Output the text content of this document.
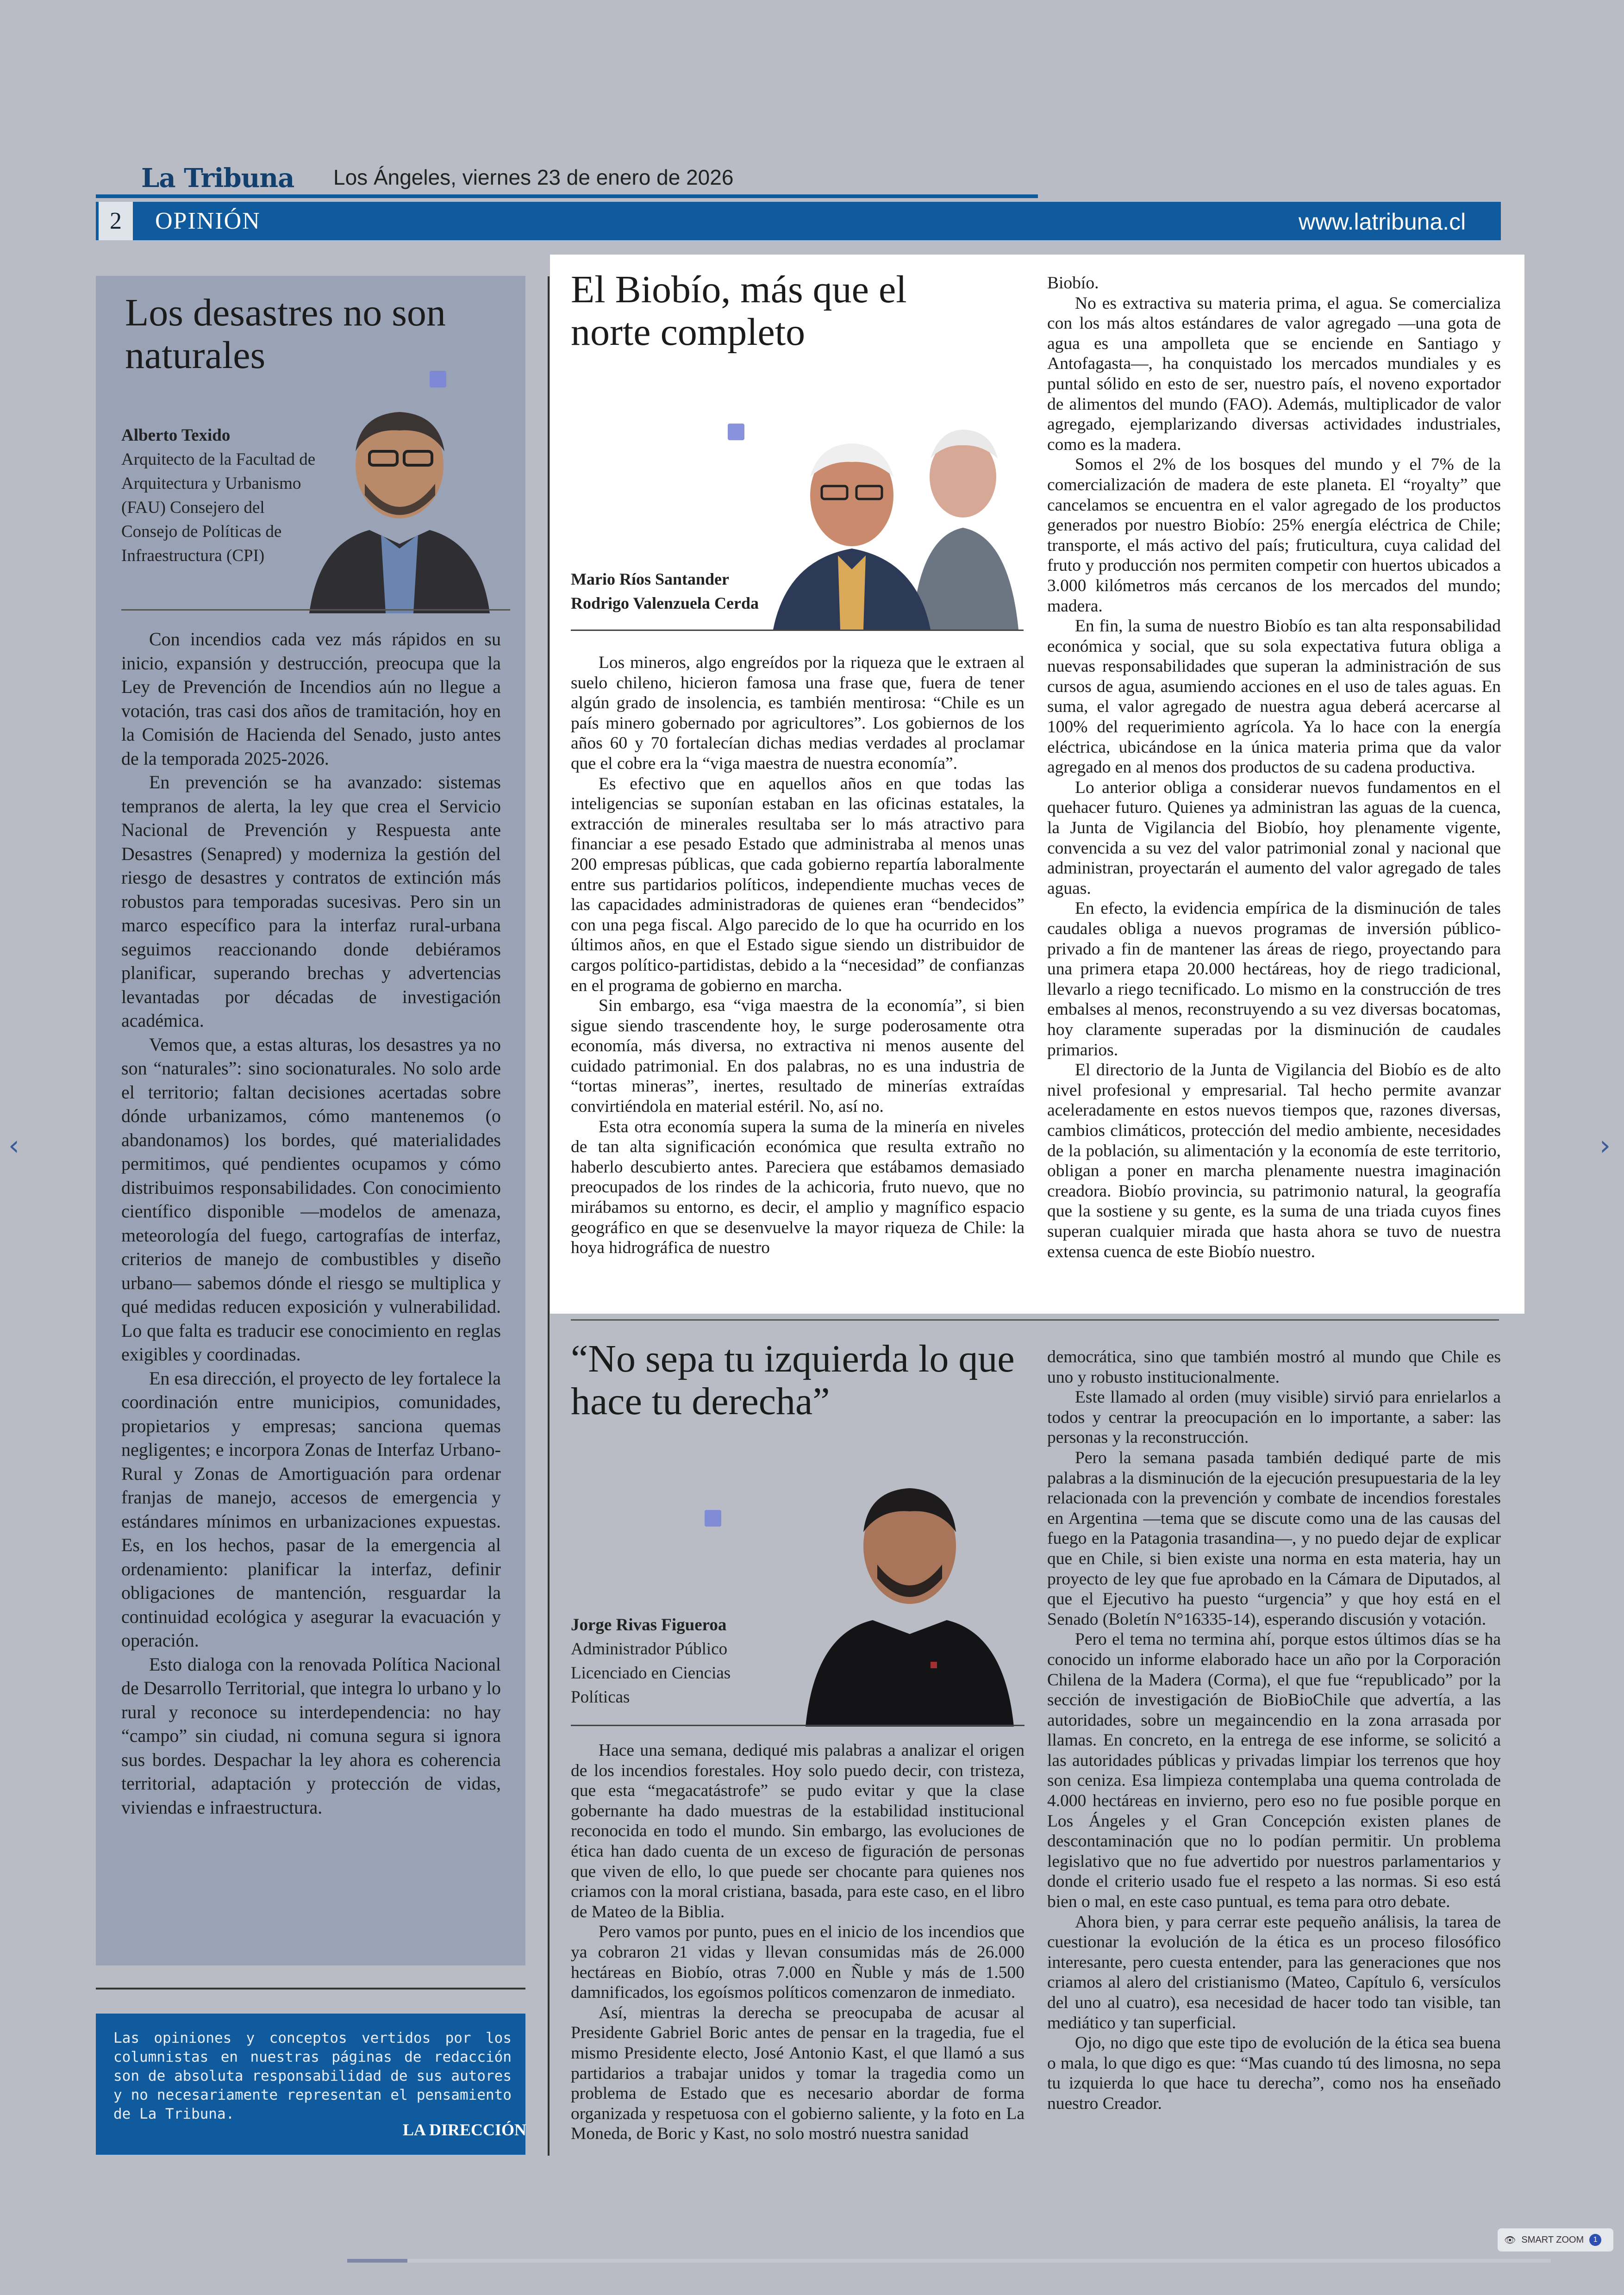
La Tribuna Los Ángeles, viernes 23 de enero de 2026
2	OPINIÓN	www.latribuna.cl
Los desastres no son naturales
Alberto Texido
Arquitecto de la Facultad de Arquitectura y Urbanismo (FAU) Consejero del Consejo de Políticas de Infraestructura (CPI)

Con incendios cada vez más rápidos en su inicio, expansión y destrucción, preocupa que la Ley de Prevención de Incendios aún no llegue a votación, tras casi dos años de tramitación, hoy en la Comisión de Hacienda del Senado, justo antes de la temporada 2025-2026.

En prevención se ha avanzado: sistemas tempranos de alerta, la ley que crea el Servicio Nacional de Prevención y Respuesta ante Desastres (Senapred) y moderniza la gestión del riesgo de desastres y contratos de extinción más robustos para temporadas sucesivas. Pero sin un marco específico para la interfaz rural-urbana seguimos reaccionando donde debiéramos planificar, superando brechas y advertencias levantadas por décadas de investigación académica.

Vemos que, a estas alturas, los desastres ya no son “naturales”: sino socionaturales. No solo arde el territorio; faltan decisiones acertadas sobre dónde urbanizamos, cómo mantenemos (o abandonamos) los bordes, qué materialidades permitimos, qué pendientes ocupamos y cómo distribuimos responsabilidades. Con conocimiento científico disponible —modelos de amenaza, meteorología del fuego, cartografías de interfaz, criterios de manejo de combustibles y diseño urbano— sabemos dónde el riesgo se multiplica y qué medidas reducen exposición y vulnerabilidad. Lo que falta es traducir ese conocimiento en reglas exigibles y coordinadas.

En esa dirección, el proyecto de ley fortalece la coordinación entre municipios, comunidades, propietarios y empresas; sanciona quemas negligentes; e incorpora Zonas de Interfaz Urbano-Rural y Zonas de Amortiguación para ordenar franjas de manejo, accesos de emergencia y estándares mínimos en urbanizaciones expuestas. Es, en los hechos, pasar de la emergencia al ordenamiento: planificar la interfaz, definir obligaciones de mantención, resguardar la continuidad ecológica y asegurar la evacuación y operación.

Esto dialoga con la renovada Política Nacional de Desarrollo Territorial, que integra lo urbano y lo rural y reconoce su interdependencia: no hay “campo” sin ciudad, ni comuna segura si ignora sus bordes. Despachar la ley ahora es coherencia territorial, adaptación y protección de vidas, viviendas e infraestructura.

Las opiniones y conceptos vertidos por los columnistas en nuestras páginas de redacción son de absoluta responsabilidad de sus autores y no necesariamente representan el pensamiento de La Tribuna.
LA DIRECCIÓN
El Biobío, más que el norte completo
Mario Ríos Santander
Rodrigo Valenzuela Cerda

Los mineros, algo engreídos por la riqueza que le extraen al suelo chileno, hicieron famosa una frase que, fuera de tener algún grado de insolencia, es también mentirosa: “Chile es un país minero gobernado por agricultores”. Los gobiernos de los años 60 y 70 fortalecían dichas medias verdades al proclamar que el cobre era la “viga maestra de nuestra economía”.

Es efectivo que en aquellos años en que todas las inteligencias se suponían estaban en las oficinas estatales, la extracción de minerales resultaba ser lo más atractivo para financiar a ese pesado Estado que administraba al menos unas 200 empresas públicas, que cada gobierno repartía laboralmente entre sus partidarios políticos, independiente muchas veces de las capacidades administradoras de quienes eran “bendecidos” con una pega fiscal. Algo parecido de lo que ha ocurrido en los últimos años, en que el Estado sigue siendo un distribuidor de cargos político-partidistas, debido a la “necesidad” de confianzas en el programa de gobierno en marcha.

Sin embargo, esa “viga maestra de la economía”, si bien sigue siendo trascendente hoy, le surge poderosamente otra economía, más diversa, no extractiva ni menos ausente del cuidado patrimonial. En dos palabras, no es una industria de “tortas mineras”, inertes, resultado de minerías extraídas convirtiéndola en material estéril. No, así no.

Esta otra economía supera la suma de la minería en niveles de tan alta significación económica que resulta extraño no haberlo descubierto antes. Pareciera que estábamos demasiado preocupados de los rindes de la achicoria, fruto nuevo, que no mirábamos su entorno, es decir, el amplio y magnífico espacio geográfico en que se desenvuelve la mayor riqueza de Chile: la hoya hidrográfica de nuestro

Biobío.

No es extractiva su materia prima, el agua. Se comercializa con los más altos estándares de valor agregado —una gota de agua es una ampolleta que se enciende en Santiago y Antofagasta—, ha conquistado los mercados mundiales y es puntal sólido en esto de ser, nuestro país, el noveno exportador de alimentos del mundo (FAO). Además, multiplicador de valor agregado, ejemplarizando diversas actividades industriales, como es la madera.

Somos el 2% de los bosques del mundo y el 7% de la comercialización de madera de este planeta. El “royalty” que cancelamos se encuentra en el valor agregado de los productos generados por nuestro Biobío: 25% energía eléctrica de Chile; transporte, el más activo del país; fruticultura, cuya calidad del fruto y producción nos permiten competir con huertos ubicados a 3.000 kilómetros más cercanos de los mercados del mundo; madera.

En fin, la suma de nuestro Biobío es tan alta responsabilidad económica y social, que su sola expectativa futura obliga a nuevas responsabilidades que superan la administración de sus cursos de agua, asumiendo acciones en el uso de tales aguas. En suma, el valor agregado de nuestra agua deberá acercarse al 100% del requerimiento agrícola. Ya lo hace con la energía eléctrica, ubicándose en la única materia prima que da valor agregado en al menos dos productos de su cadena productiva.

Lo anterior obliga a considerar nuevos fundamentos en el quehacer futuro. Quienes ya administran las aguas de la cuenca, la Junta de Vigilancia del Biobío, hoy plenamente vigente, convencida a su vez del valor patrimonial zonal y nacional que administran, proyectarán el aumento del valor agregado de tales aguas.

En efecto, la evidencia empírica de la disminución de tales caudales obliga a nuevos programas de inversión público-privado a fin de mantener las áreas de riego, proyectando para una primera etapa 20.000 hectáreas, hoy de riego tradicional, llevarlo a riego tecnificado. Lo mismo en la construcción de tres embalses al menos, reconstruyendo a su vez diversas bocatomas, hoy claramente superadas por la disminución de caudales primarios.

El directorio de la Junta de Vigilancia del Biobío es de alto nivel profesional y empresarial. Tal hecho permite avanzar aceleradamente en estos nuevos tiempos que, razones diversas, cambios climáticos, protección del medio ambiente, necesidades de la población, su alimentación y la economía de este territorio, obligan a poner en marcha plenamente nuestra imaginación creadora. Biobío provincia, su patrimonio natural, la geografía que la sostiene y su gente, es la suma de una triada cuyos fines superan cualquier mirada que hasta ahora se tuvo de nuestra extensa cuenca de este Biobío nuestro.

“No sepa tu izquierda lo que hace tu derecha”
Jorge Rivas Figueroa
Administrador Público Licenciado en Ciencias Políticas

Hace una semana, dediqué mis palabras a analizar el origen de los incendios forestales. Hoy solo puedo decir, con tristeza, que esta “megacatástrofe” se pudo evitar y que la clase gobernante ha dado muestras de la estabilidad institucional reconocida en todo el mundo. Sin embargo, las evoluciones de ética han dado cuenta de un exceso de figuración de personas que viven de ello, lo que puede ser chocante para quienes nos criamos con la moral cristiana, basada, para este caso, en el libro de Mateo de la Biblia.

Pero vamos por punto, pues en el inicio de los incendios que ya cobraron 21 vidas y llevan consumidas más de 26.000 hectáreas en Biobío, otras 7.000 en Ñuble y más de 1.500 damnificados, los egoísmos políticos comenzaron de inmediato.

Así, mientras la derecha se preocupaba de acusar al Presidente Gabriel Boric antes de pensar en la tragedia, fue el mismo Presidente electo, José Antonio Kast, el que llamó a sus partidarios a trabajar unidos y tomar la tragedia como un problema de Estado que es necesario abordar de forma organizada y respetuosa con el gobierno saliente, y la foto en La Moneda, de Boric y Kast, no solo mostró nuestra sanidad

democrática, sino que también mostró al mundo que Chile es uno y robusto institucionalmente.

Este llamado al orden (muy visible) sirvió para enrielarlos a todos y centrar la preocupación en lo importante, a saber: las personas y la reconstrucción.

Pero la semana pasada también dediqué parte de mis palabras a la disminución de la ejecución presupuestaria de la ley relacionada con la prevención y combate de incendios forestales en Argentina —tema que se discute como una de las causas del fuego en la Patagonia trasandina—, y no puedo dejar de explicar que en Chile, si bien existe una norma en esta materia, hay un proyecto de ley que fue aprobado en la Cámara de Diputados, al que el Ejecutivo ha puesto “urgencia” y que hoy está en el Senado (Boletín N°16335-14), esperando discusión y votación.

Pero el tema no termina ahí, porque estos últimos días se ha conocido un informe elaborado hace un año por la Corporación Chilena de la Madera (Corma), el que fue “republicado” por la sección de investigación de BioBioChile que advertía, a las autoridades, sobre un megaincendio en la zona arrasada por llamas. En concreto, en la entrega de ese informe, se solicitó a las autoridades públicas y privadas limpiar los terrenos que hoy son ceniza. Esa limpieza contemplaba una quema controlada de 4.000 hectáreas en invierno, pero eso no fue posible porque en Los Ángeles y el Gran Concepción existen planes de descontaminación que no lo podían permitir. Un problema legislativo que no fue advertido por nuestros parlamentarios y donde el criterio usado fue el respeto a las normas. Si eso está bien o mal, en este caso puntual, es tema para otro debate.

Ahora bien, y para cerrar este pequeño análisis, la tarea de cuestionar la evolución de la ética es un proceso filosófico interesante, pero cuesta entender, para las generaciones que nos criamos al alero del cristianismo (Mateo, Capítulo 6, versículos del uno al cuatro), esa necesidad de hacer todo tan visible, tan mediático y tan superficial.

Ojo, no digo que este tipo de evolución de la ética sea buena o mala, lo que digo es que: “Mas cuando tú des limosna, no sepa tu izquierda lo que hace tu derecha”, como nos ha enseñado nuestro Creador.

‹	›
👁 SMART ZOOM	1
